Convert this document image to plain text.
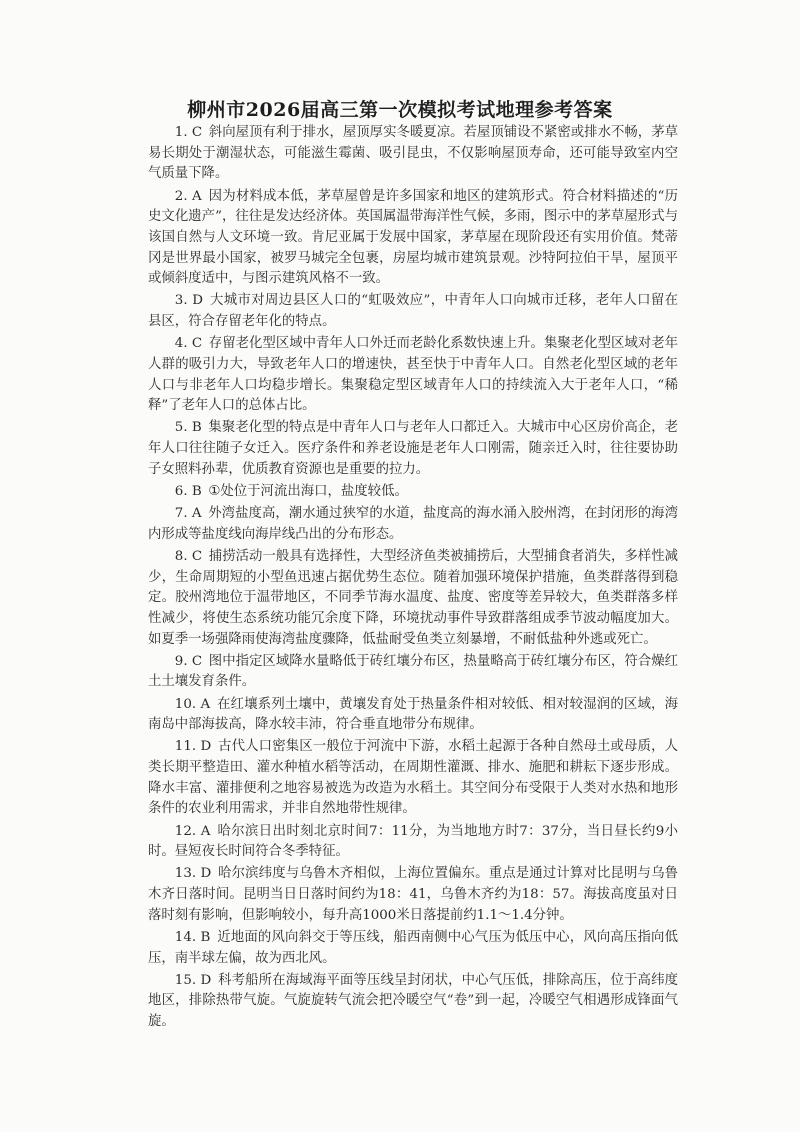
柳州市2026届高三第一次模拟考试地理参考答案
1. C  斜向屋顶有利于排水，屋顶厚实冬暖夏凉。若屋顶铺设不紧密或排水不畅，茅草易长期处于潮湿状态，可能滋生霉菌、吸引昆虫，不仅影响屋顶寿命，还可能导致室内空气质量下降。
2. A  因为材料成本低，茅草屋曾是许多国家和地区的建筑形式。符合材料描述的“历史文化遗产”，往往是发达经济体。英国属温带海洋性气候，多雨，图示中的茅草屋形式与该国自然与人文环境一致。肯尼亚属于发展中国家，茅草屋在现阶段还有实用价值。梵蒂冈是世界最小国家，被罗马城完全包裹，房屋均城市建筑景观。沙特阿拉伯干旱，屋顶平或倾斜度适中，与图示建筑风格不一致。
3. D  大城市对周边县区人口的“虹吸效应”，中青年人口向城市迁移，老年人口留在县区，符合存留老年化的特点。
4. C  存留老化型区域中青年人口外迁而老龄化系数快速上升。集聚老化型区域对老年人群的吸引力大，导致老年人口的增速快，甚至快于中青年人口。自然老化型区域的老年人口与非老年人口均稳步增长。集聚稳定型区域青年人口的持续流入大于老年人口，“稀释”了老年人口的总体占比。
5. B  集聚老化型的特点是中青年人口与老年人口都迁入。大城市中心区房价高企，老年人口往往随子女迁入。医疗条件和养老设施是老年人口刚需，随亲迁入时，往往要协助子女照料孙辈，优质教育资源也是重要的拉力。
6. B  ①处位于河流出海口，盐度较低。
7. A  外湾盐度高，潮水通过狭窄的水道，盐度高的海水涌入胶州湾，在封闭形的海湾内形成等盐度线向海岸线凸出的分布形态。
8. C  捕捞活动一般具有选择性，大型经济鱼类被捕捞后，大型捕食者消失，多样性减少，生命周期短的小型鱼迅速占据优势生态位。随着加强环境保护措施，鱼类群落得到稳定。胶州湾地位于温带地区，不同季节海水温度、盐度、密度等差异较大，鱼类群落多样性减少，将使生态系统功能冗余度下降，环境扰动事件导致群落组成季节波动幅度加大。如夏季一场强降雨使海湾盐度骤降，低盐耐受鱼类立刻暴增，不耐低盐种外逃或死亡。
9. C  图中指定区域降水量略低于砖红壤分布区，热量略高于砖红壤分布区，符合燥红土土壤发育条件。
10. A  在红壤系列土壤中，黄壤发育处于热量条件相对较低、相对较湿润的区域，海南岛中部海拔高，降水较丰沛，符合垂直地带分布规律。
11. D  古代人口密集区一般位于河流中下游，水稻土起源于各种自然母土或母质，人类长期平整造田、灌水种植水稻等活动，在周期性灌溉、排水、施肥和耕耘下逐步形成。降水丰富、灌排便利之地容易被选为改造为水稻土。其空间分布受限于人类对水热和地形条件的农业利用需求，并非自然地带性规律。
12. A  哈尔滨日出时刻北京时间7：11分，为当地地方时7：37分，当日昼长约9小时。昼短夜长时间符合冬季特征。
13. D  哈尔滨纬度与乌鲁木齐相似，上海位置偏东。重点是通过计算对比昆明与乌鲁木齐日落时间。昆明当日日落时间约为18：41，乌鲁木齐约为18：57。海拔高度虽对日落时刻有影响，但影响较小，每升高1000米日落提前约1.1～1.4分钟。
14. B  近地面的风向斜交于等压线，船西南侧中心气压为低压中心，风向高压指向低压，南半球左偏，故为西北风。
15. D  科考船所在海域海平面等压线呈封闭状，中心气压低，排除高压，位于高纬度地区，排除热带气旋。气旋旋转气流会把冷暖空气“卷”到一起，冷暖空气相遇形成锋面气旋。
